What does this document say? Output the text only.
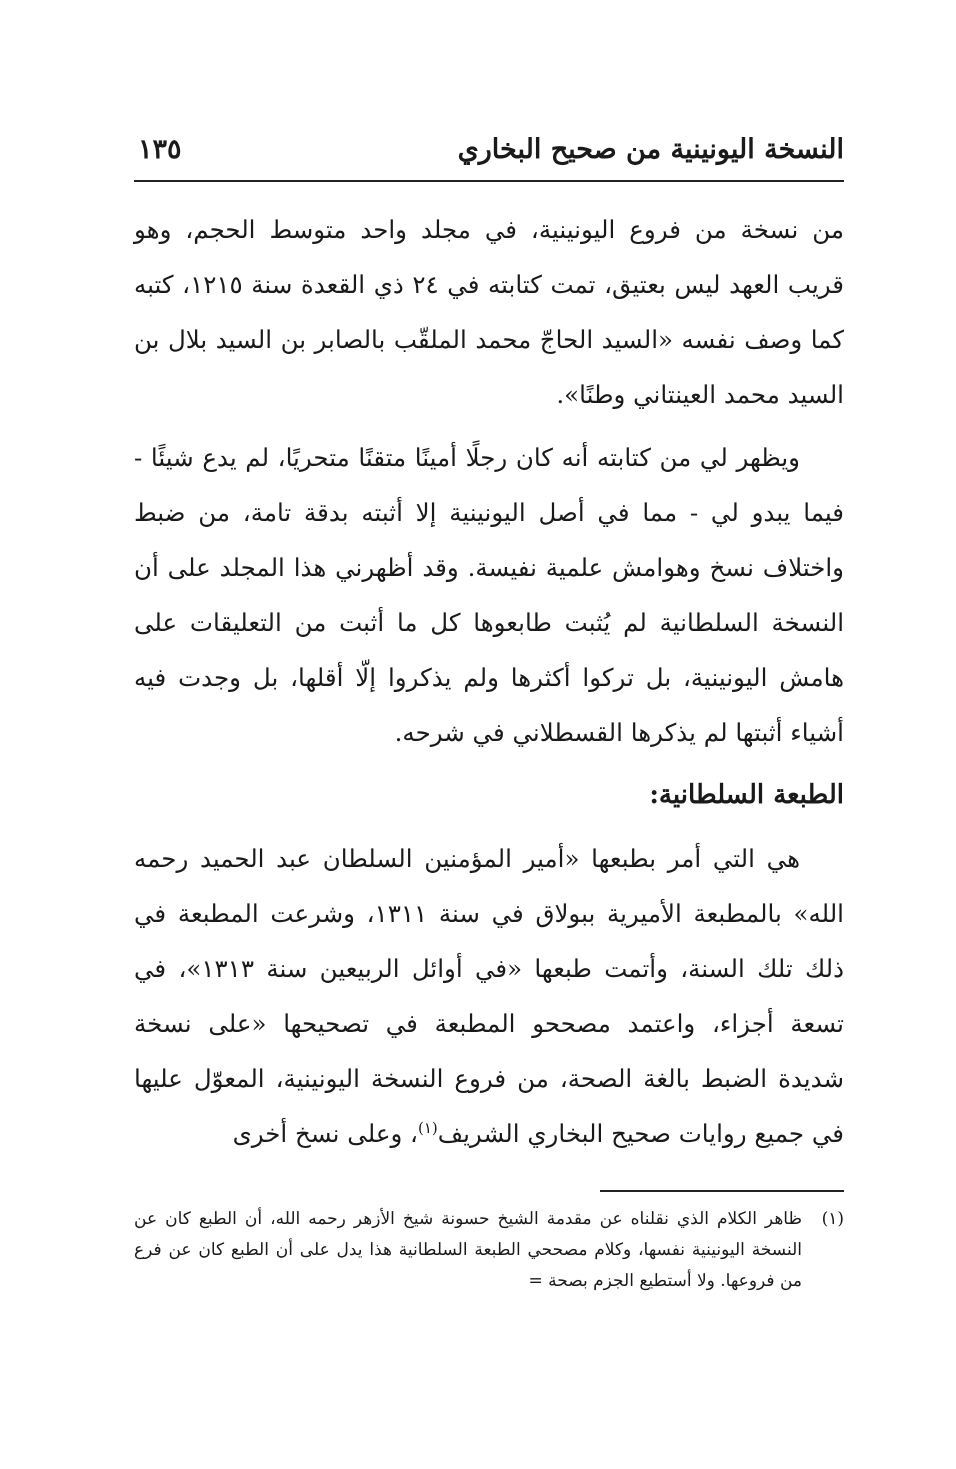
النسخة اليونينية من صحيح البخاري
١٣٥

من نسخة من فروع اليونينية، في مجلد واحد متوسط الحجم، وهو قريب العهد ليس بعتيق، تمت كتابته في ٢٤ ذي القعدة سنة ١٢١٥، كتبه كما وصف نفسه «السيد الحاجّ محمد الملقّب بالصابر بن السيد بلال بن السيد محمد العينتاني وطنًا».

ويظهر لي من كتابته أنه كان رجلًا أمينًا متقنًا متحريًا، لم يدع شيئًا - فيما يبدو لي - مما في أصل اليونينية إلا أثبته بدقة تامة، من ضبط واختلاف نسخ وهوامش علمية نفيسة. وقد أظهرني هذا المجلد على أن النسخة السلطانية لم يُثبت طابعوها كل ما أثبت من التعليقات على هامش اليونينية، بل تركوا أكثرها ولم يذكروا إلّا أقلها، بل وجدت فيه أشياء أثبتها لم يذكرها القسطلاني في شرحه.

الطبعة السلطانية:

هي التي أمر بطبعها «أمير المؤمنين السلطان عبد الحميد رحمه الله» بالمطبعة الأميرية ببولاق في سنة ١٣١١، وشرعت المطبعة في ذلك تلك السنة، وأتمت طبعها «في أوائل الربيعين سنة ١٣١٣»، في تسعة أجزاء، واعتمد مصححو المطبعة في تصحيحها «على نسخة شديدة الضبط بالغة الصحة، من فروع النسخة اليونينية، المعوّل عليها في جميع روايات صحيح البخاري الشريف$^{(١)}$، وعلى نسخ أخرى

(١)
ظاهر الكلام الذي نقلناه عن مقدمة الشيخ حسونة شيخ الأزهر رحمه الله، أن الطبع كان عن النسخة اليونينية نفسها، وكلام مصححي الطبعة السلطانية هذا يدل على أن الطبع كان عن فرع من فروعها. ولا أستطيع الجزم بصحة =
